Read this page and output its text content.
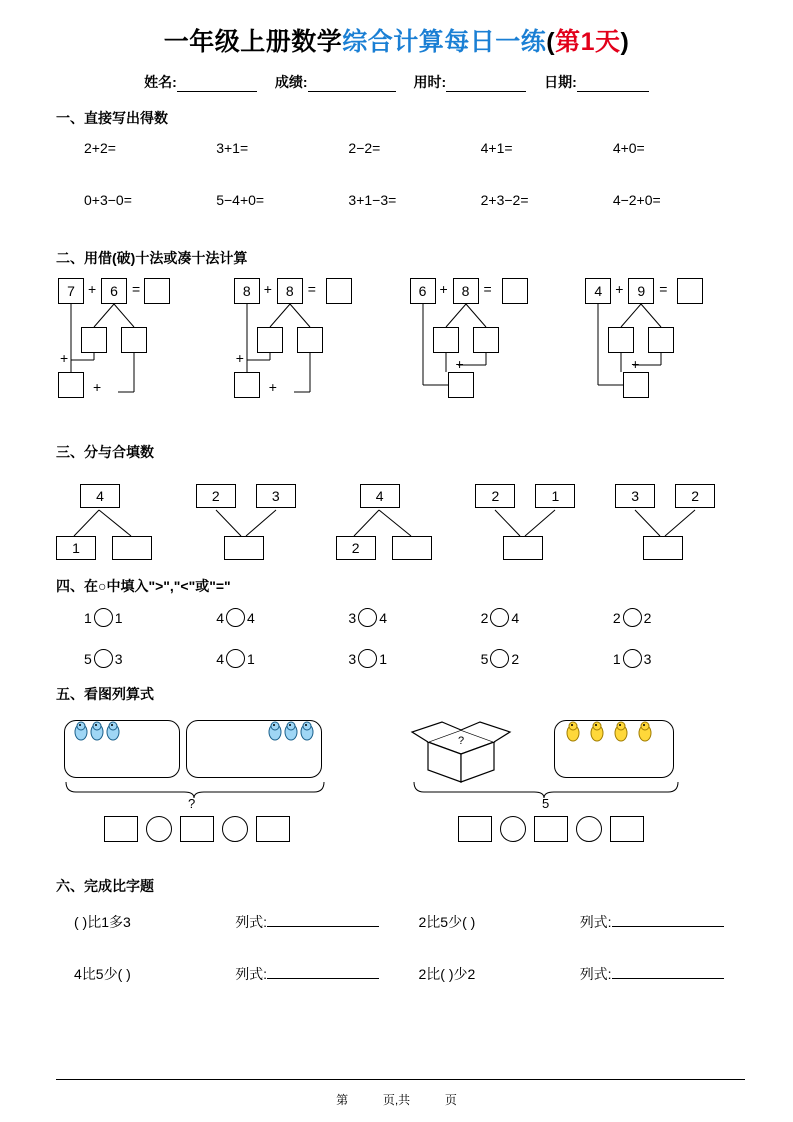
一年级上册数学综合计算每日一练(第1天)
姓名:	成绩:	用时:	日期:
一、直接写出得数
2+2=	3+1=	2−2=	4+1=	4+0=
0+3−0=	5−4+0=	3+1−3=	2+3−2=	4−2+0=
二、用借(破)十法或凑十法计算
7 + 6	=
+
+
8 + 8	=
+
+
6 + 8	=
+
4 + 9	=
+
三、分与合填数
4
1
2	3	4
2
2	1	3	2
四、在○中填入">","<"或"="
1 1	4 4	3 4	2 4	2 2
5 3	4 1	3 1	5 2	1 3
五、看图列算式
?
?
5
六、完成比字题
( )比1多3	列式:	2比5少( )	列式:
4比5少( )	列式:	2比( )少2	列式:
第	页,共	页
